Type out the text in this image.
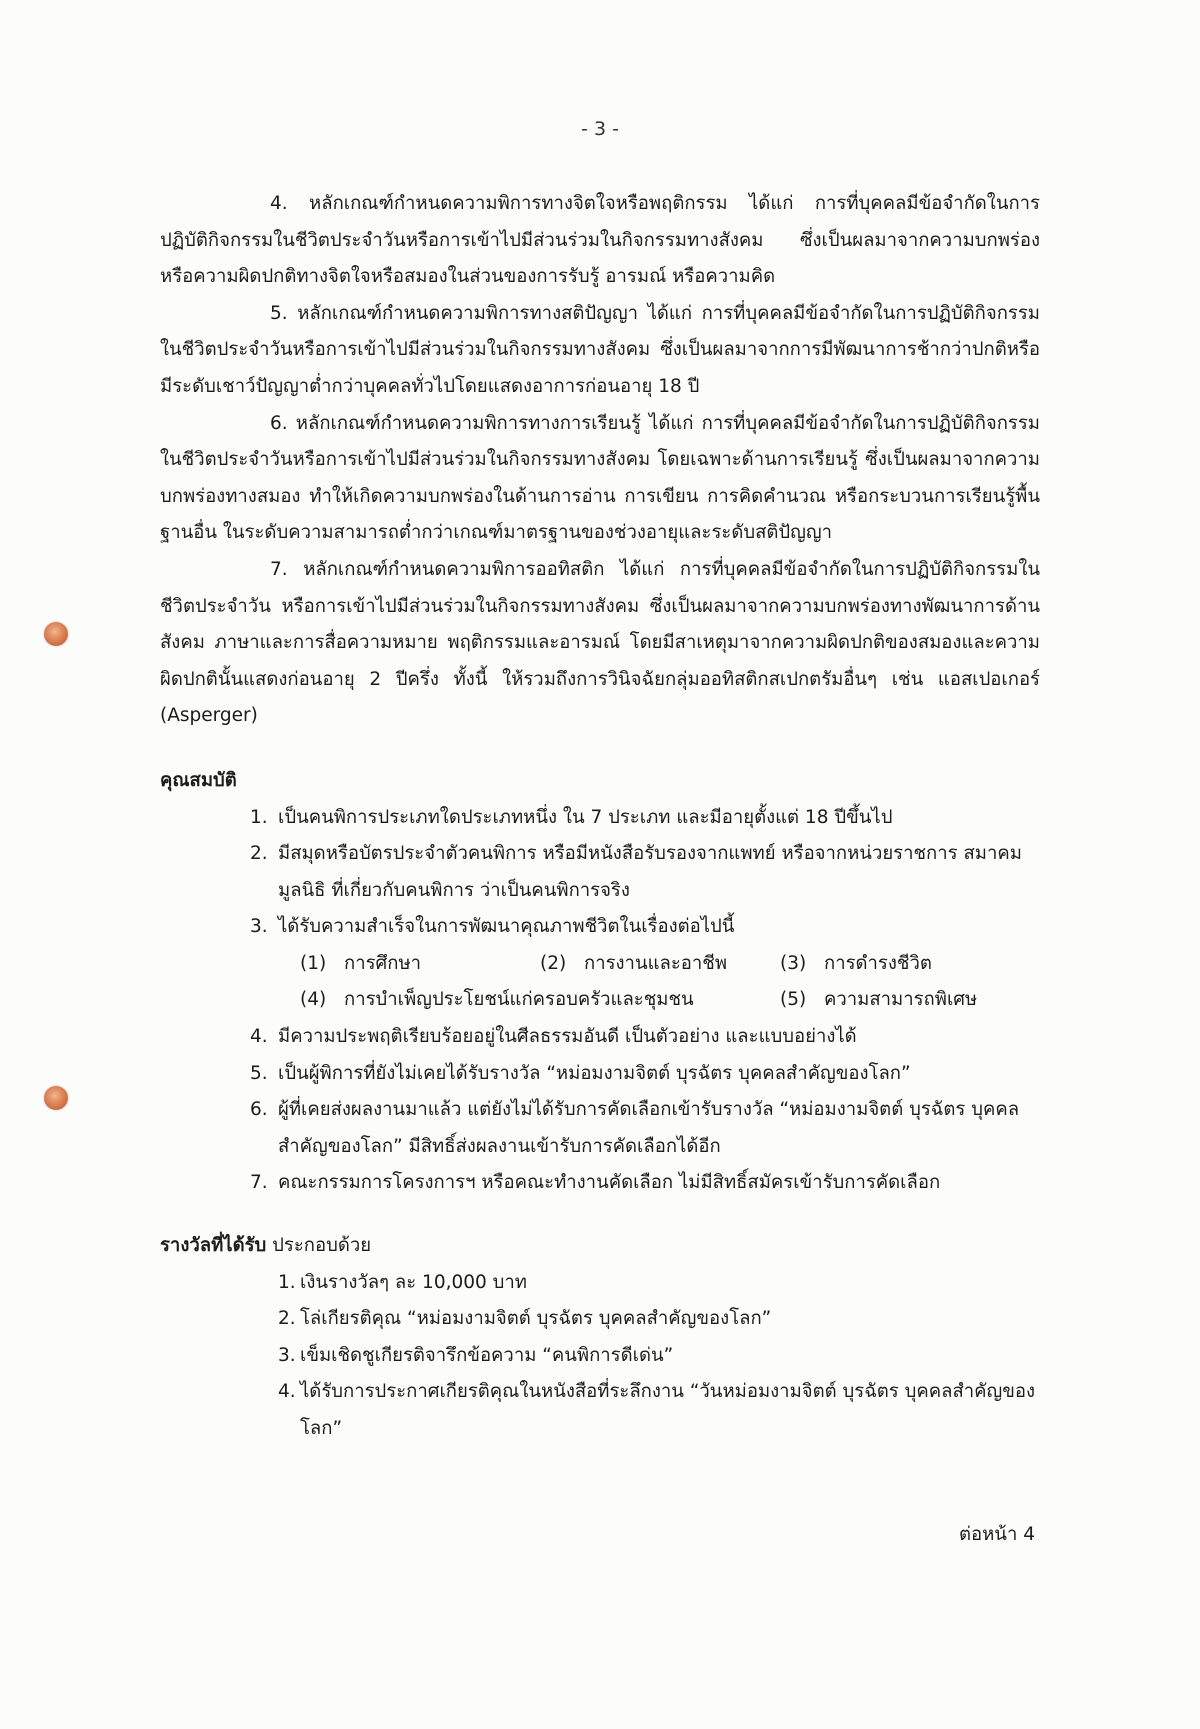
- 3 -

4. หลักเกณฑ์กำหนดความพิการทางจิตใจหรือพฤติกรรม ได้แก่ การที่บุคคลมีข้อจำกัดในการปฏิบัติกิจกรรมในชีวิตประจำวันหรือการเข้าไปมีส่วนร่วมในกิจกรรมทางสังคม ซึ่งเป็นผลมาจากความบกพร่องหรือความผิดปกติทางจิตใจหรือสมองในส่วนของการรับรู้ อารมณ์ หรือความคิด

5. หลักเกณฑ์กำหนดความพิการทางสติปัญญา ได้แก่ การที่บุคคลมีข้อจำกัดในการปฏิบัติกิจกรรมในชีวิตประจำวันหรือการเข้าไปมีส่วนร่วมในกิจกรรมทางสังคม ซึ่งเป็นผลมาจากการมีพัฒนาการช้ากว่าปกติหรือมีระดับเชาว์ปัญญาต่ำกว่าบุคคลทั่วไปโดยแสดงอาการก่อนอายุ 18 ปี

6. หลักเกณฑ์กำหนดความพิการทางการเรียนรู้ ได้แก่ การที่บุคคลมีข้อจำกัดในการปฏิบัติกิจกรรมในชีวิตประจำวันหรือการเข้าไปมีส่วนร่วมในกิจกรรมทางสังคม โดยเฉพาะด้านการเรียนรู้ ซึ่งเป็นผลมาจากความบกพร่องทางสมอง ทำให้เกิดความบกพร่องในด้านการอ่าน การเขียน การคิดคำนวณ หรือกระบวนการเรียนรู้พื้นฐานอื่น ในระดับความสามารถต่ำกว่าเกณฑ์มาตรฐานของช่วงอายุและระดับสติปัญญา

7. หลักเกณฑ์กำหนดความพิการออทิสติก ได้แก่ การที่บุคคลมีข้อจำกัดในการปฏิบัติกิจกรรมในชีวิตประจำวัน หรือการเข้าไปมีส่วนร่วมในกิจกรรมทางสังคม ซึ่งเป็นผลมาจากความบกพร่องทางพัฒนาการด้านสังคม ภาษาและการสื่อความหมาย พฤติกรรมและอารมณ์ โดยมีสาเหตุมาจากความผิดปกติของสมองและความผิดปกตินั้นแสดงก่อนอายุ 2 ปีครึ่ง ทั้งนี้ ให้รวมถึงการวินิจฉัยกลุ่มออทิสติกสเปกตรัมอื่นๆ เช่น แอสเปอเกอร์ (Asperger)

คุณสมบัติ

1. เป็นคนพิการประเภทใดประเภทหนึ่ง ใน 7 ประเภท และมีอายุตั้งแต่ 18 ปีขึ้นไป
2. มีสมุดหรือบัตรประจำตัวคนพิการ หรือมีหนังสือรับรองจากแพทย์ หรือจากหน่วยราชการ สมาคม มูลนิธิ ที่เกี่ยวกับคนพิการ ว่าเป็นคนพิการจริง
3. ได้รับความสำเร็จในการพัฒนาคุณภาพชีวิตในเรื่องต่อไปนี้
(1) การศึกษา	(2) การงานและอาชีพ	(3) การดำรงชีวิต
(4) การบำเพ็ญประโยชน์แก่ครอบครัวและชุมชน	(5) ความสามารถพิเศษ
4. มีความประพฤติเรียบร้อยอยู่ในศีลธรรมอันดี เป็นตัวอย่าง และแบบอย่างได้
5. เป็นผู้พิการที่ยังไม่เคยได้รับรางวัล “หม่อมงามจิตต์ บุรฉัตร บุคคลสำคัญของโลก”
6. ผู้ที่เคยส่งผลงานมาแล้ว แต่ยังไม่ได้รับการคัดเลือกเข้ารับรางวัล “หม่อมงามจิตต์ บุรฉัตร บุคคลสำคัญของโลก” มีสิทธิ์ส่งผลงานเข้ารับการคัดเลือกได้อีก
7. คณะกรรมการโครงการฯ หรือคณะทำงานคัดเลือก ไม่มีสิทธิ์สมัครเข้ารับการคัดเลือก

รางวัลที่ได้รับ ประกอบด้วย

1. เงินรางวัลๆ ละ 10,000 บาท
2. โล่เกียรติคุณ “หม่อมงามจิตต์ บุรฉัตร บุคคลสำคัญของโลก”
3. เข็มเชิดชูเกียรติจารึกข้อความ “คนพิการดีเด่น”
4. ได้รับการประกาศเกียรติคุณในหนังสือที่ระลึกงาน “วันหม่อมงามจิตต์ บุรฉัตร บุคคลสำคัญของโลก”
ต่อหน้า 4
